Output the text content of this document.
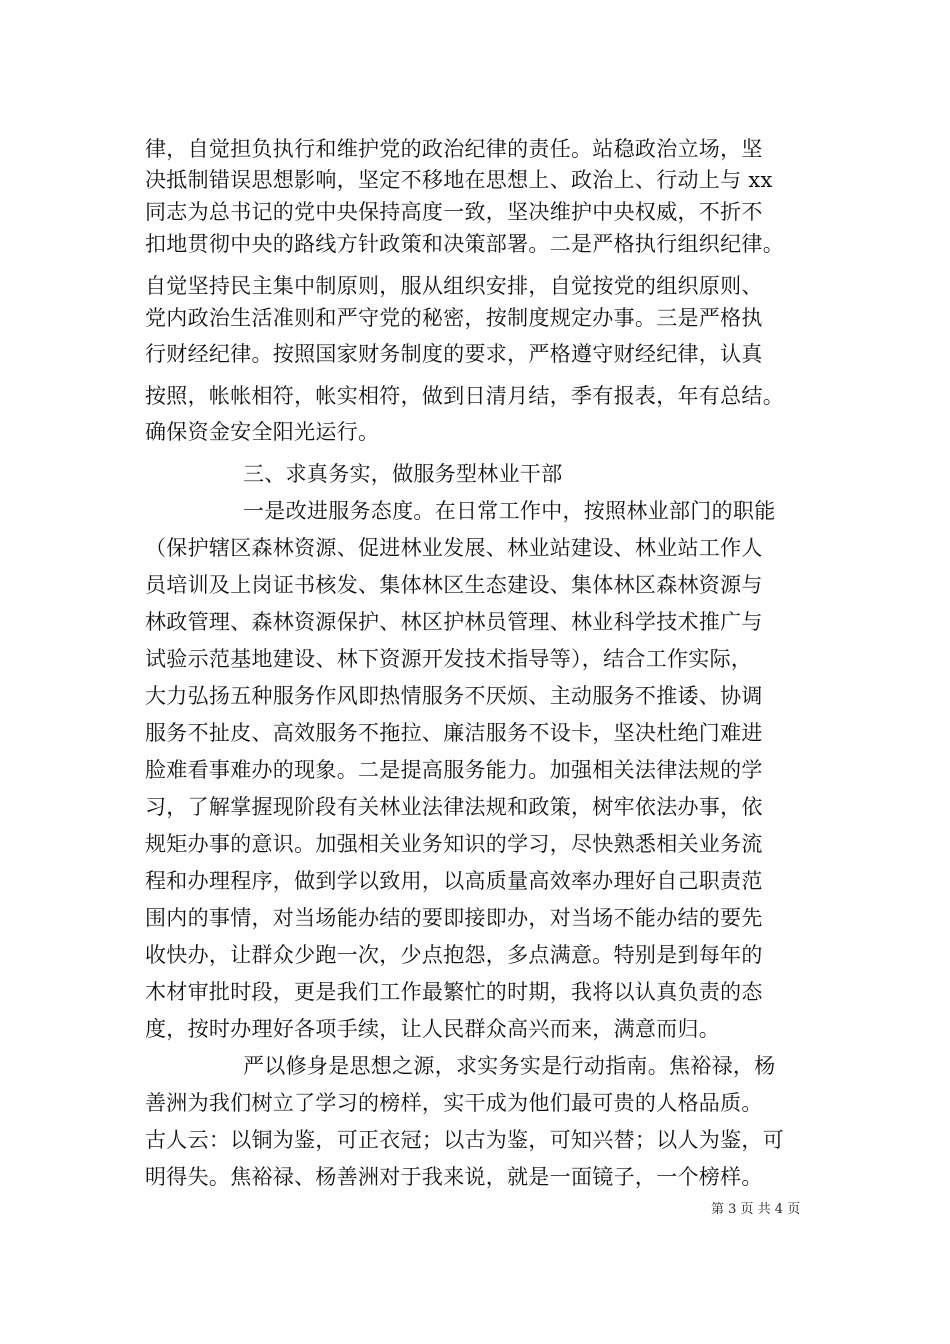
律，自觉担负执行和维护党的政治纪律的责任。站稳政治立场，坚
决抵制错误思想影响，坚定不移地在思想上、政治上、行动上与 xx
同志为总书记的党中央保持高度一致，坚决维护中央权威，不折不
扣地贯彻中央的路线方针政策和决策部署。二是严格执行组织纪律。
自觉坚持民主集中制原则，服从组织安排，自觉按党的组织原则、
党内政治生活准则和严守党的秘密，按制度规定办事。三是严格执
行财经纪律。按照国家财务制度的要求，严格遵守财经纪律，认真
按照，帐帐相符，帐实相符，做到日清月结，季有报表，年有总结。
确保资金安全阳光运行。
三、求真务实，做服务型林业干部
一是改进服务态度。在日常工作中，按照林业部门的职能
（保护辖区森林资源、促进林业发展、林业站建设、林业站工作人
员培训及上岗证书核发、集体林区生态建设、集体林区森林资源与
林政管理、森林资源保护、林区护林员管理、林业科学技术推广与
试验示范基地建设、林下资源开发技术指导等），结合工作实际，
大力弘扬五种服务作风即热情服务不厌烦、主动服务不推诿、协调
服务不扯皮、高效服务不拖拉、廉洁服务不设卡，坚决杜绝门难进
脸难看事难办的现象。二是提高服务能力。加强相关法律法规的学
习，了解掌握现阶段有关林业法律法规和政策，树牢依法办事，依
规矩办事的意识。加强相关业务知识的学习，尽快熟悉相关业务流
程和办理程序，做到学以致用，以高质量高效率办理好自己职责范
围内的事情，对当场能办结的要即接即办，对当场不能办结的要先
收快办，让群众少跑一次，少点抱怨，多点满意。特别是到每年的
木材审批时段，更是我们工作最繁忙的时期，我将以认真负责的态
度，按时办理好各项手续，让人民群众高兴而来，满意而归。
严以修身是思想之源，求实务实是行动指南。焦裕禄，杨
善洲为我们树立了学习的榜样，实干成为他们最可贵的人格品质。
古人云：以铜为鉴，可正衣冠；以古为鉴，可知兴替；以人为鉴，可
明得失。焦裕禄、杨善洲对于我来说，就是一面镜子，一个榜样。
第 3 页 共 4 页
